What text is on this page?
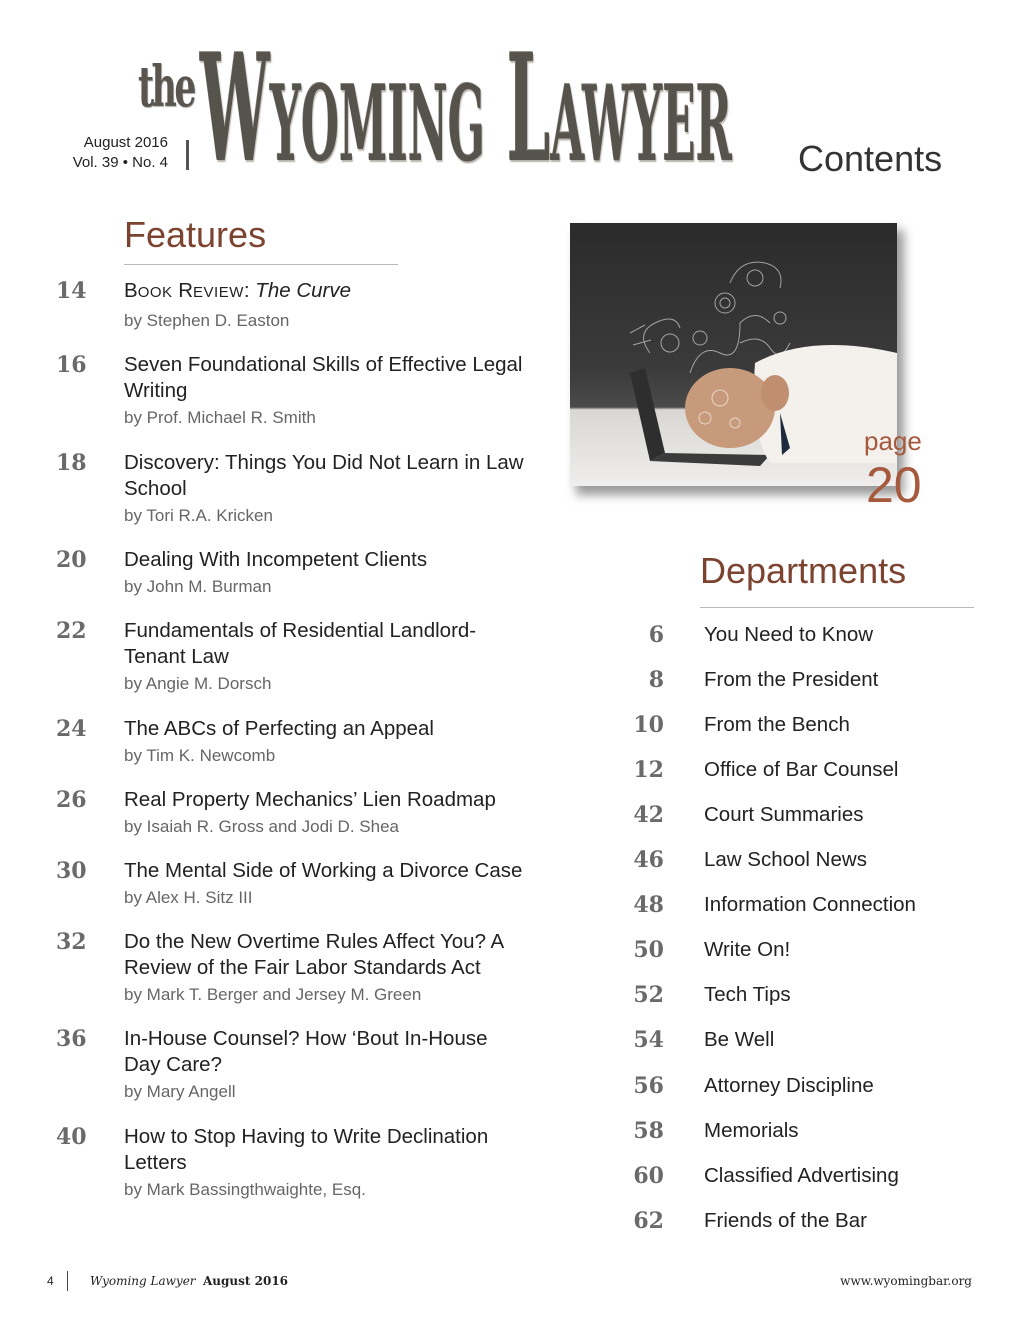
August 2016
Vol. 39 • No. 4
the WYOMING LAWYER Contents
Features
14 BOOK REVIEW: The Curve
by Stephen D. Easton
16 Seven Foundational Skills of Effective Legal Writing
by Prof. Michael R. Smith
18 Discovery: Things You Did Not Learn in Law School
by Tori R.A. Kricken
20 Dealing With Incompetent Clients
by John M. Burman
22 Fundamentals of Residential Landlord-Tenant Law
by Angie M. Dorsch
24 The ABCs of Perfecting an Appeal
by Tim K. Newcomb
26 Real Property Mechanics’ Lien Roadmap
by Isaiah R. Gross and Jodi D. Shea
30 The Mental Side of Working a Divorce Case
by Alex H. Sitz III
32 Do the New Overtime Rules Affect You? A Review of the Fair Labor Standards Act
by Mark T. Berger and Jersey M. Green
36 In-House Counsel? How ‘Bout In-House Day Care?
by Mary Angell
40 How to Stop Having to Write Declination Letters
by Mark Bassingthwaighte, Esq.
page
20
Departments
6 You Need to Know
8 From the President
10 From the Bench
12 Office of Bar Counsel
42 Court Summaries
46 Law School News
48 Information Connection
50 Write On!
52 Tech Tips
54 Be Well
56 Attorney Discipline
58 Memorials
60 Classified Advertising
62 Friends of the Bar
4	Wyoming Lawyer August 2016	www.wyomingbar.org
